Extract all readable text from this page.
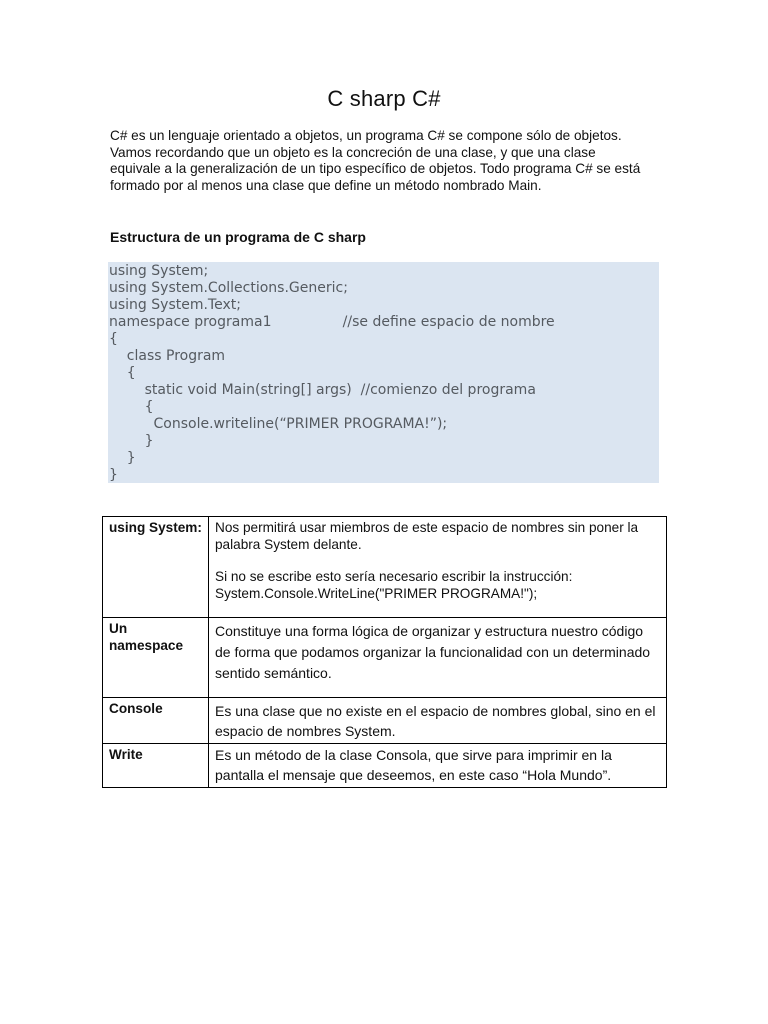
C sharp C#

C# es un lenguaje orientado a objetos, un programa C# se compone sólo de objetos. Vamos recordando que un objeto es la concreción de una clase, y que una clase equivale a la generalización de un tipo específico de objetos. Todo programa C# se está formado por al menos una clase que define un método nombrado Main.

Estructura de un programa de C sharp
using System;
using System.Collections.Generic;
using System.Text;
namespace programa1                //se define espacio de nombre
{
class Program
{
static void Main(string[] args)  //comienzo del programa
{
Console.writeline(“PRIMER PROGRAMA!”);
}
}
}
using System:	Nos permitirá usar miembros de este espacio de nombres sin poner la palabra System delante.

Si no se escribe esto sería necesario escribir la instrucción: System.Console.WriteLine("PRIMER PROGRAMA!");

Un namespace	Constituye una forma lógica de organizar y estructura nuestro código de forma que podamos organizar la funcionalidad con un determinado sentido semántico.

Console	Es una clase que no existe en el espacio de nombres global, sino en el espacio de nombres System.

Write	Es un método de la clase Consola, que sirve para imprimir en la pantalla el mensaje que deseemos, en este caso “Hola Mundo”.
